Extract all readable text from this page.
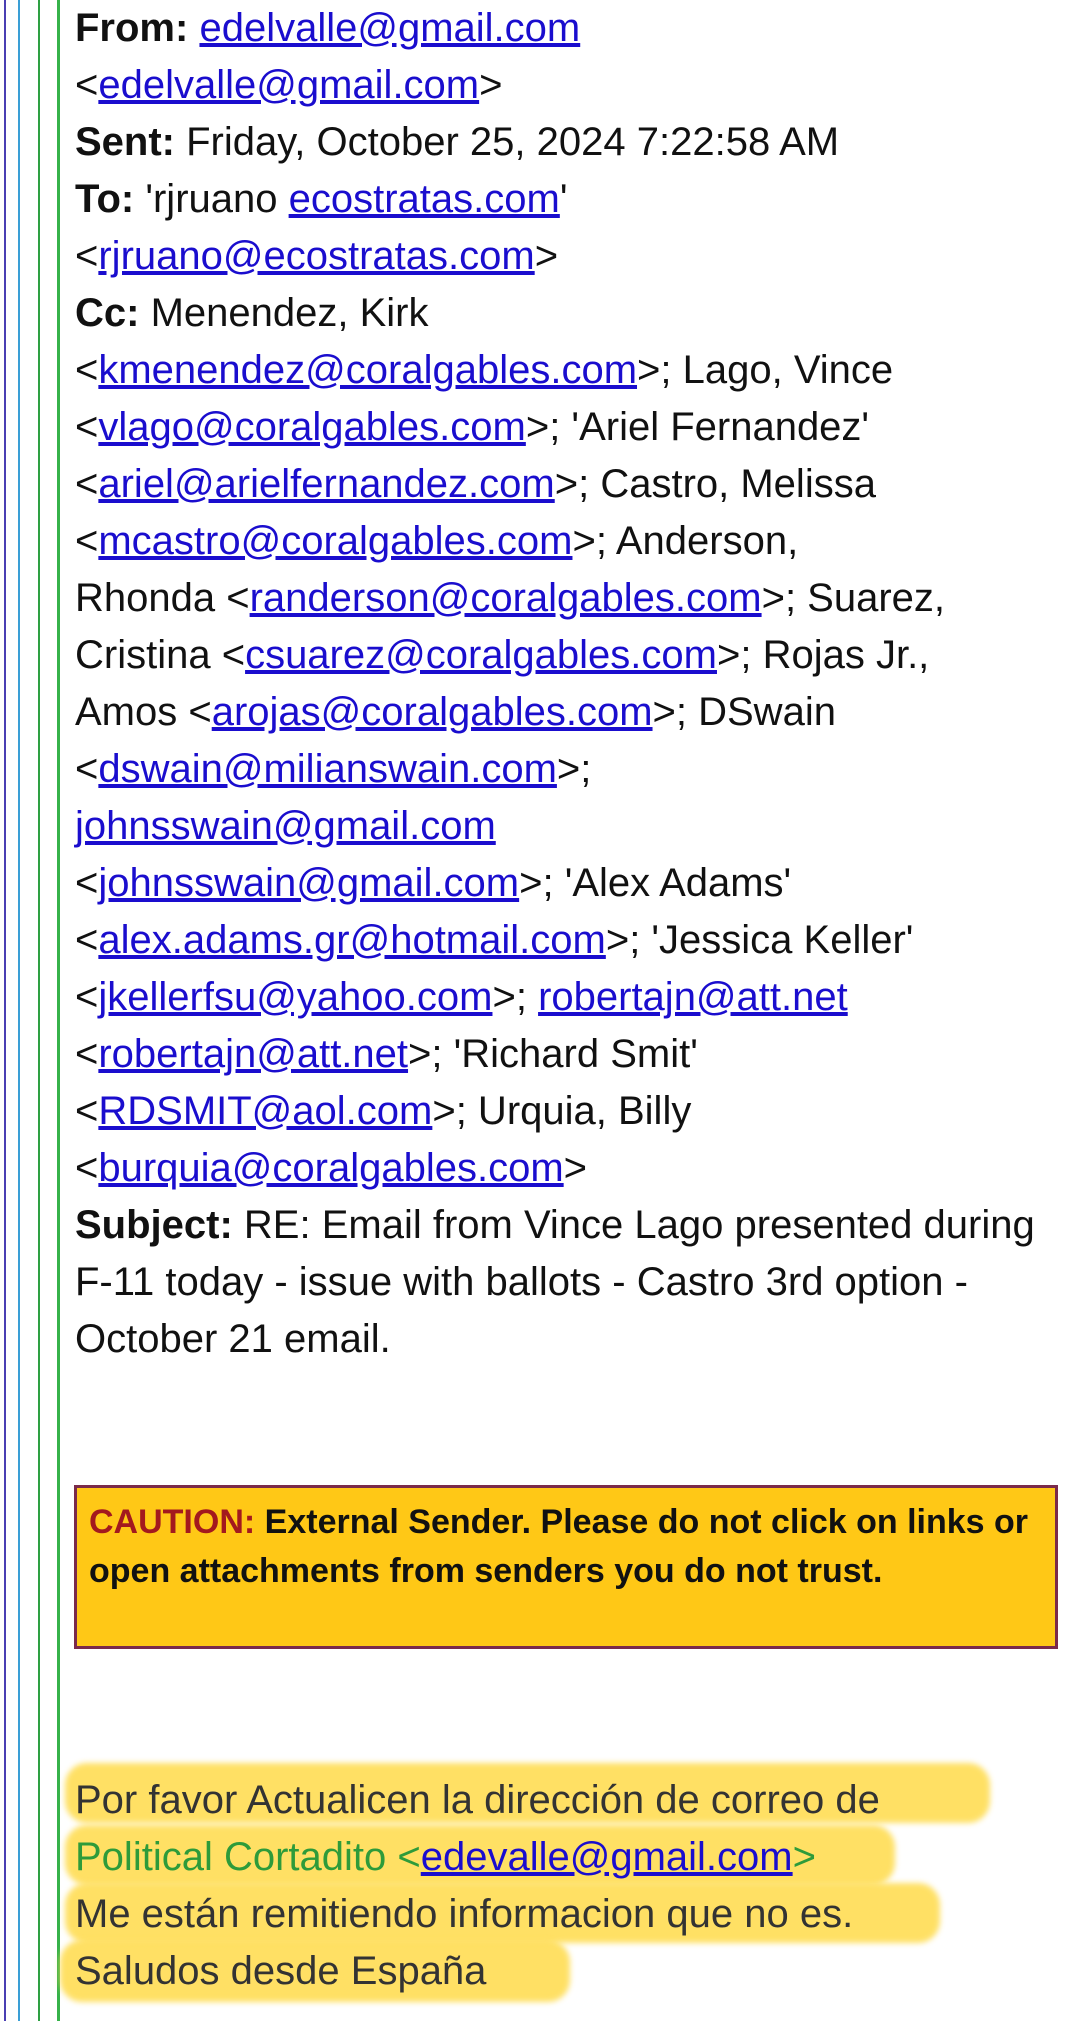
From: edelvalle@gmail.com
<edelvalle@gmail.com>
Sent: Friday, October 25, 2024 7:22:58 AM
To: 'rjruano ecostratas.com'
<rjruano@ecostratas.com>
Cc: Menendez, Kirk
<kmenendez@coralgables.com>; Lago, Vince
<vlago@coralgables.com>; 'Ariel Fernandez'
<ariel@arielfernandez.com>; Castro, Melissa
<mcastro@coralgables.com>; Anderson,
Rhonda <randerson@coralgables.com>; Suarez,
Cristina <csuarez@coralgables.com>; Rojas Jr.,
Amos <arojas@coralgables.com>; DSwain
<dswain@milianswain.com>;
johnsswain@gmail.com
<johnsswain@gmail.com>; 'Alex Adams'
<alex.adams.gr@hotmail.com>; 'Jessica Keller'
<jkellerfsu@yahoo.com>; robertajn@att.net
<robertajn@att.net>; 'Richard Smit'
<RDSMIT@aol.com>; Urquia, Billy
<burquia@coralgables.com>
Subject: RE: Email from Vince Lago presented during F-11 today - issue with ballots - Castro 3rd option - October 21 email.
CAUTION: External Sender. Please do not click on links or open attachments from senders you do not trust.
Por favor Actualicen la dirección de correo de
Political Cortadito <edevalle@gmail.com>
Me están remitiendo informacion que no es.
Saludos desde España
